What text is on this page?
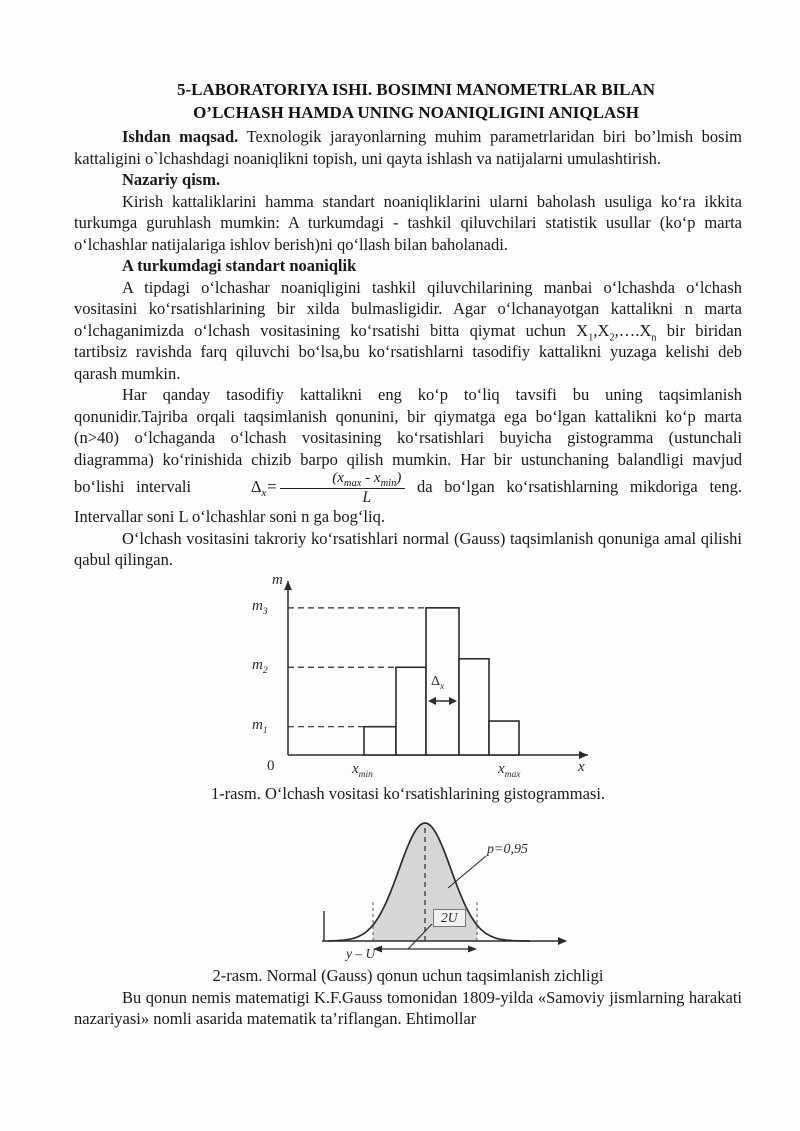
5-LABORATORIYA ISHI. BOSIMNI MANOMETRLAR BILAN
O’LCHASH HAMDA UNING NOANIQLIGINI ANIQLASH

Ishdan maqsad. Texnologik jarayonlarning muhim parametrlaridan biri bo’lmish bosim kattaligini o`lchashdagi noaniqlikni topish, uni qayta ishlash va natijalarni umulashtirish.

Nazariy qism.

Kirish kattaliklarini hamma standart noaniqliklarini ularni baholash usuliga ko‘ra ikkita turkumga guruhlash mumkin: A turkumdagi - tashkil qiluvchilari statistik usullar (ko‘p marta o‘lchashlar natijalariga ishlov berish)ni qo‘llash bilan baholanadi.

A turkumdagi standart noaniqlik

A tipdagi o‘lchashar noaniqligini tashkil qiluvchilarining manbai o‘lchashda o‘lchash vositasini ko‘rsatishlarining bir xilda bulmasligidir. Agar o‘lchanayotgan kattalikni n marta o‘lchaganimizda o‘lchash vositasining ko‘rsatishi bitta qiymat uchun $X_1,X_2,\dots.X_n$ bir biridan tartibsiz ravishda farq qiluvchi bo‘lsa,bu ko‘rsatishlarni tasodifiy kattalikni yuzaga kelishi deb qarash mumkin.

Har qanday tasodifiy kattalikni eng ko‘p to‘liq tavsifi bu uning taqsimlanish qonunidir.Tajriba orqali taqsimlanish qonunini, bir qiymatga ega bo‘lgan kattalikni ko‘p marta (n>40) o‘lchaganda o‘lchash vositasining ko‘rsatishlari buyicha gistogramma (ustunchali diagramma) ko‘rinishida chizib barpo qilish mumkin. Har bir ustunchaning balandligi mavjud bo‘lishi intervali	$\Delta_x= \frac{(x_{max} - x_{min})}{L}$ da bo‘lgan ko‘rsatishlarning mikdoriga teng. Intervallar soni L o‘lchashlar soni n ga bog‘liq.

O‘lchash vositasini takroriy ko‘rsatishlari normal (Gauss) taqsimlanish qonuniga amal qilishi qabul qilingan.

m
$m_3$
$m_2$
$m_1$
0	$x_{min}$	$x_{max}$	x
$\Delta_x$

1-rasm. O‘lchash vositasi ko‘rsatishlarining gistogrammasi.

p=0,95
2U
y – U

2-rasm. Normal (Gauss) qonun uchun taqsimlanish zichligi

Bu qonun nemis matematigi K.F.Gauss tomonidan 1809-yilda «Samoviy jismlarning harakati nazariyasi» nomli asarida matematik ta’riflangan. Ehtimollar
